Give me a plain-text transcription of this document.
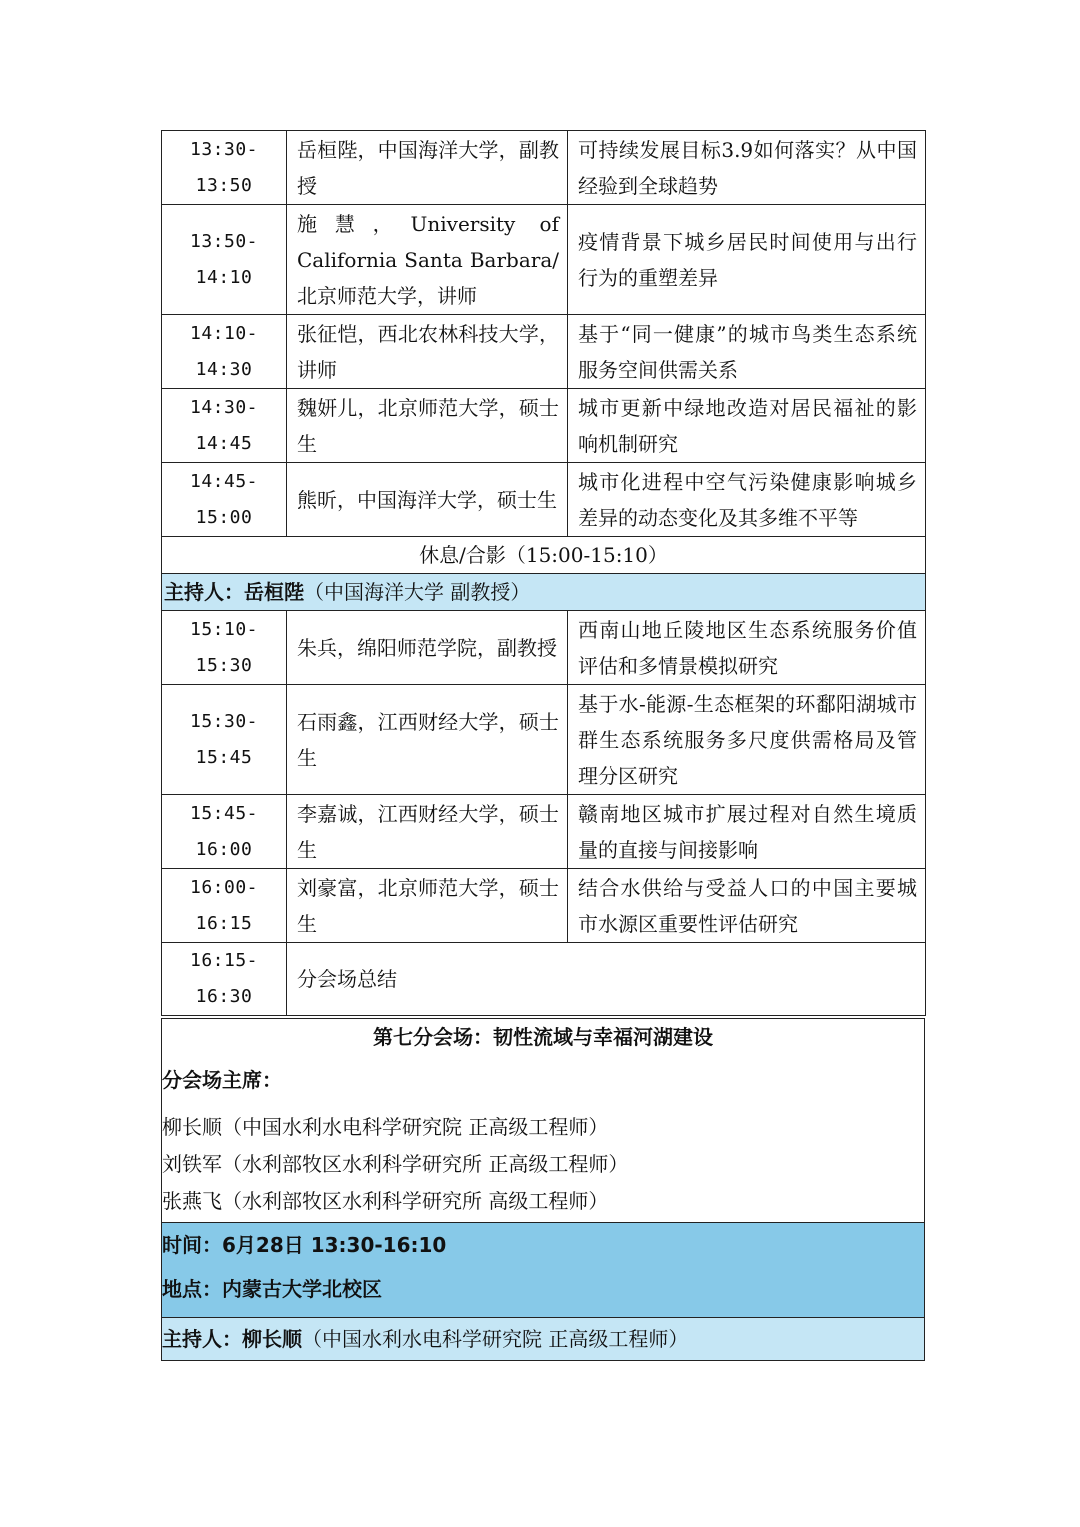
13:30-13:50	岳桓陛，中国海洋大学，副教授	可持续发展目标3.9如何落实？从中国经验到全球趋势
13:50-14:10	施慧，University of California Santa Barbara/北京师范大学，讲师	疫情背景下城乡居民时间使用与出行行为的重塑差异
14:10-14:30	张征恺，西北农林科技大学，讲师	基于“同一健康”的城市鸟类生态系统服务空间供需关系
14:30-14:45	魏妍儿，北京师范大学，硕士生	城市更新中绿地改造对居民福祉的影响机制研究
14:45-15:00	熊昕，中国海洋大学，硕士生	城市化进程中空气污染健康影响城乡差异的动态变化及其多维不平等
休息/合影（15:00-15:10）		
主持人：岳桓陛（中国海洋大学 副教授）		
15:10-15:30	朱兵，绵阳师范学院，副教授	西南山地丘陵地区生态系统服务价值评估和多情景模拟研究
15:30-15:45	石雨鑫，江西财经大学，硕士生	基于水-能源-生态框架的环鄱阳湖城市群生态系统服务多尺度供需格局及管理分区研究
15:45-16:00	李嘉诚，江西财经大学，硕士生	赣南地区城市扩展过程对自然生境质量的直接与间接影响
16:00-16:15	刘豪富，北京师范大学，硕士生	结合水供给与受益人口的中国主要城市水源区重要性评估研究
16:15-16:30	分会场总结	
第七分会场：韧性流域与幸福河湖建设
分会场主席：
柳长顺（中国水利水电科学研究院 正高级工程师）
刘铁军（水利部牧区水利科学研究所 正高级工程师）
张燕飞（水利部牧区水利科学研究所 高级工程师）

时间：6月28日 13:30-16:10
地点：内蒙古大学北校区

主持人：柳长顺（中国水利水电科学研究院 正高级工程师）
